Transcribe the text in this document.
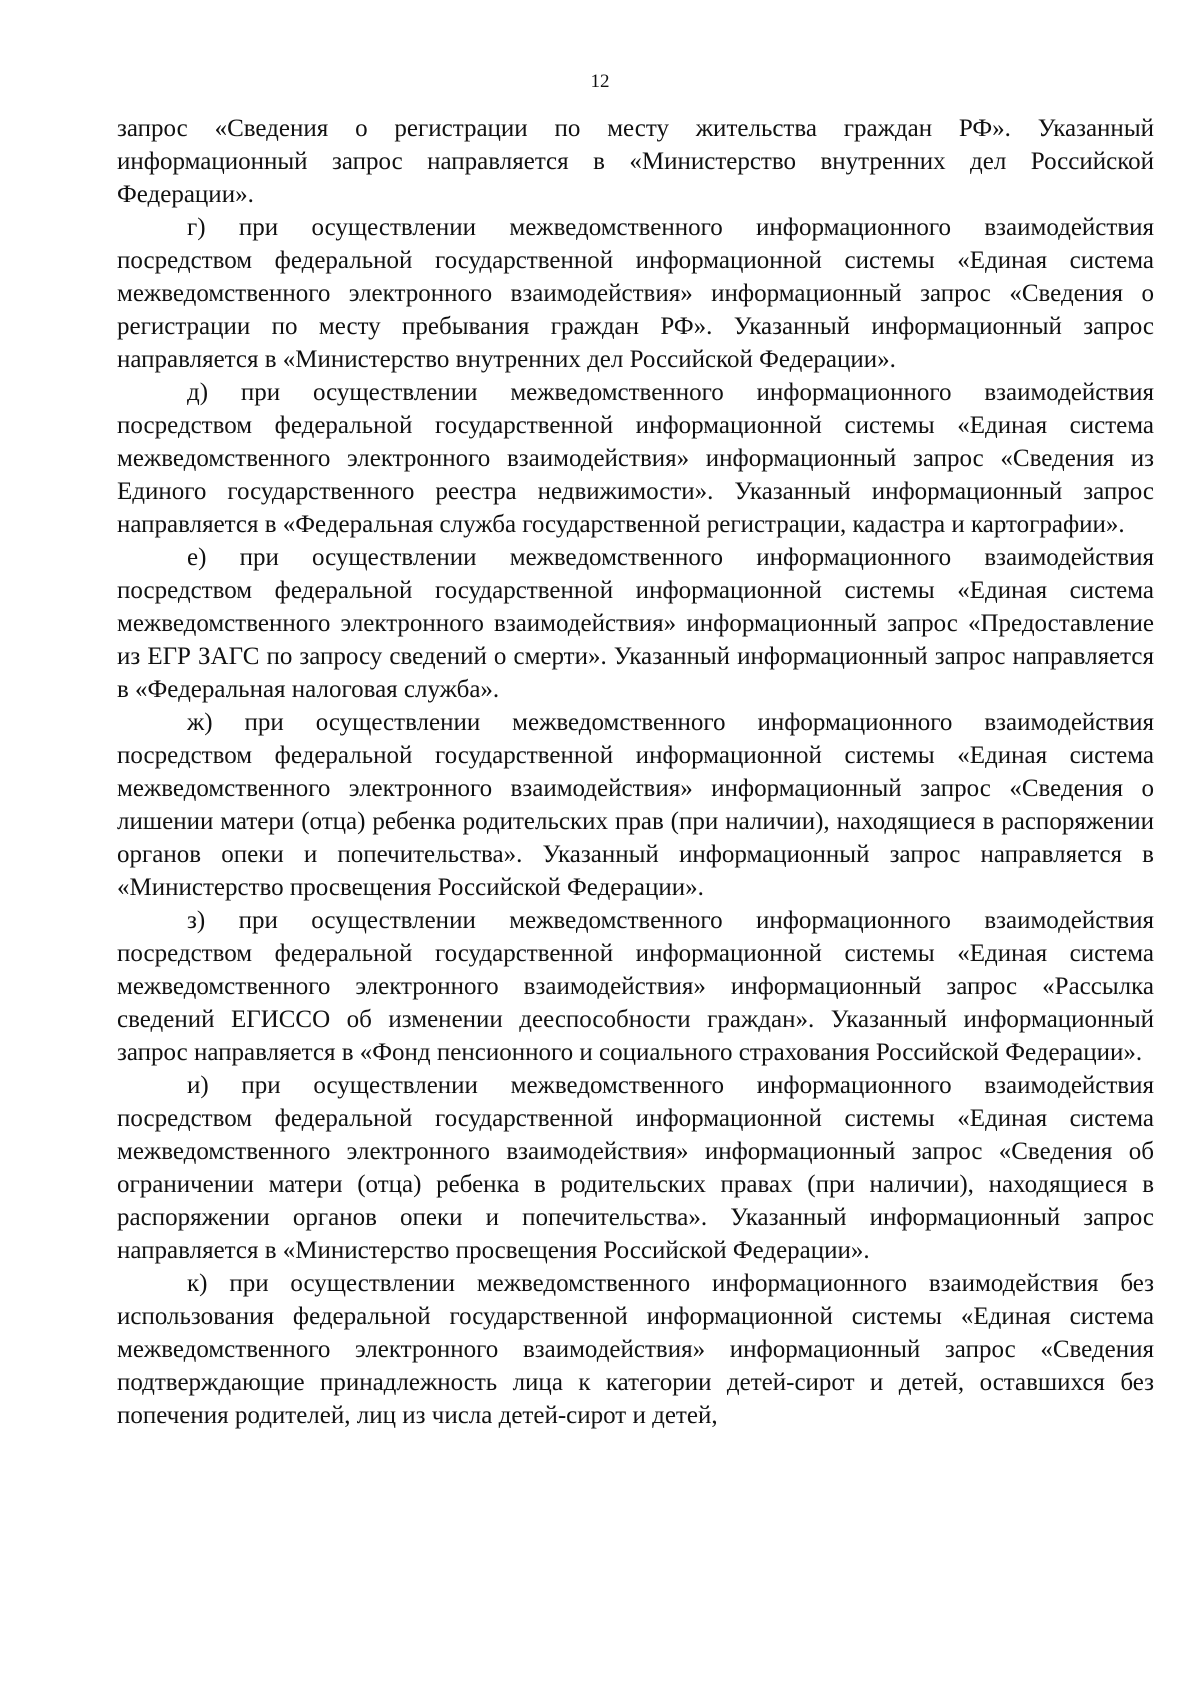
12

запрос «Сведения о регистрации по месту жительства граждан РФ». Указанный информационный запрос направляется в «Министерство внутренних дел Российской Федерации».

г) при осуществлении межведомственного информационного взаимодействия посредством федеральной государственной информационной системы «Единая система межведомственного электронного взаимодействия» информационный запрос «Сведения о регистрации по месту пребывания граждан РФ». Указанный информационный запрос направляется в «Министерство внутренних дел Российской Федерации».

д) при осуществлении межведомственного информационного взаимодействия посредством федеральной государственной информационной системы «Единая система межведомственного электронного взаимодействия» информационный запрос «Сведения из Единого государственного реестра недвижимости». Указанный информационный запрос направляется в «Федеральная служба государственной регистрации, кадастра и картографии».

е) при осуществлении межведомственного информационного взаимодействия посредством федеральной государственной информационной системы «Единая система межведомственного электронного взаимодействия» информационный запрос «Предоставление из ЕГР ЗАГС по запросу сведений о смерти». Указанный информационный запрос направляется в «Федеральная налоговая служба».

ж) при осуществлении межведомственного информационного взаимодействия посредством федеральной государственной информационной системы «Единая система межведомственного электронного взаимодействия» информационный запрос «Сведения о лишении матери (отца) ребенка родительских прав (при наличии), находящиеся в распоряжении органов опеки и попечительства». Указанный информационный запрос направляется в «Министерство просвещения Российской Федерации».

з) при осуществлении межведомственного информационного взаимодействия посредством федеральной государственной информационной системы «Единая система межведомственного электронного взаимодействия» информационный запрос «Рассылка сведений ЕГИССО об изменении дееспособности граждан». Указанный информационный запрос направляется в «Фонд пенсионного и социального страхования Российской Федерации».

и) при осуществлении межведомственного информационного взаимодействия посредством федеральной государственной информационной системы «Единая система межведомственного электронного взаимодействия» информационный запрос «Сведения об ограничении матери (отца) ребенка в родительских правах (при наличии), находящиеся в распоряжении органов опеки и попечительства». Указанный информационный запрос направляется в «Министерство просвещения Российской Федерации».

к) при осуществлении межведомственного информационного взаимодействия без использования федеральной государственной информационной системы «Единая система межведомственного электронного взаимодействия» информационный запрос «Сведения подтверждающие принадлежность лица к категории детей-сирот и детей, оставшихся без попечения родителей, лиц из числа детей-сирот и детей,
